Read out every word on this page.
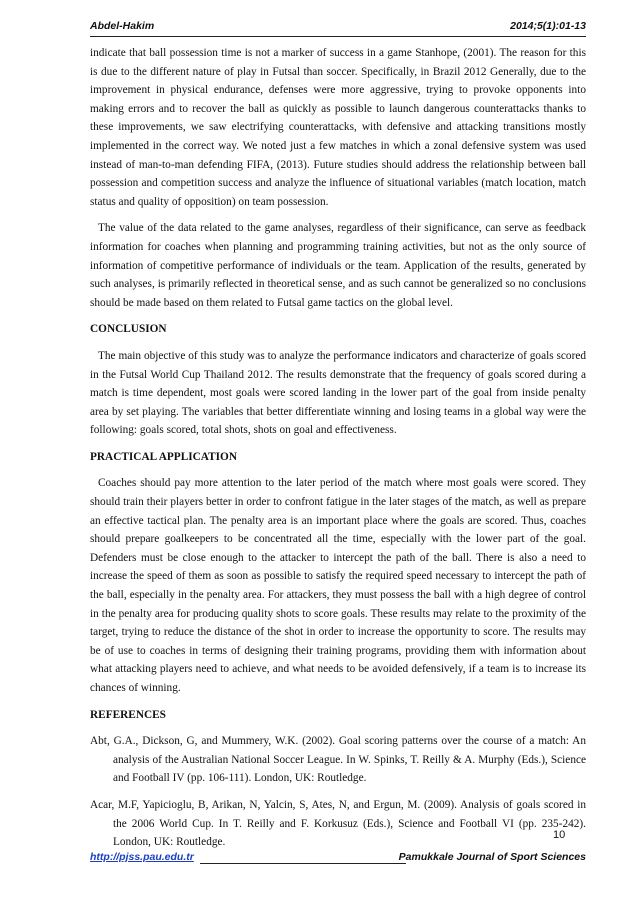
Abdel-Hakim	2014;5(1):01-13

indicate that ball possession time is not a marker of success in a game Stanhope, (2001). The reason for this is due to the different nature of play in Futsal than soccer. Specifically, in Brazil 2012 Generally, due to the improvement in physical endurance, defenses were more aggressive, trying to provoke opponents into making errors and to recover the ball as quickly as possible to launch dangerous counterattacks thanks to these improvements, we saw electrifying counterattacks, with defensive and attacking transitions mostly implemented in the correct way. We noted just a few matches in which a zonal defensive system was used instead of man-to-man defending FIFA, (2013). Future studies should address the relationship between ball possession and competition success and analyze the influence of situational variables (match location, match status and quality of opposition) on team possession.

The value of the data related to the game analyses, regardless of their significance, can serve as feedback information for coaches when planning and programming training activities, but not as the only source of information of competitive performance of individuals or the team. Application of the results, generated by such analyses, is primarily reflected in theoretical sense, and as such cannot be generalized so no conclusions should be made based on them related to Futsal game tactics on the global level.

CONCLUSION

The main objective of this study was to analyze the performance indicators and characterize of goals scored in the Futsal World Cup Thailand 2012. The results demonstrate that the frequency of goals scored during a match is time dependent, most goals were scored landing in the lower part of the goal from inside penalty area by set playing. The variables that better differentiate winning and losing teams in a global way were the following: goals scored, total shots, shots on goal and effectiveness.

PRACTICAL APPLICATION

Coaches should pay more attention to the later period of the match where most goals were scored. They should train their players better in order to confront fatigue in the later stages of the match, as well as prepare an effective tactical plan. The penalty area is an important place where the goals are scored. Thus, coaches should prepare goalkeepers to be concentrated all the time, especially with the lower part of the goal. Defenders must be close enough to the attacker to intercept the path of the ball. There is also a need to increase the speed of them as soon as possible to satisfy the required speed necessary to intercept the path of the ball, especially in the penalty area. For attackers, they must possess the ball with a high degree of control in the penalty area for producing quality shots to score goals. These results may relate to the proximity of the target, trying to reduce the distance of the shot in order to increase the opportunity to score. The results may be of use to coaches in terms of designing their training programs, providing them with information about what attacking players need to achieve, and what needs to be avoided defensively, if a team is to increase its chances of winning.

REFERENCES

Abt, G.A., Dickson, G, and Mummery, W.K. (2002). Goal scoring patterns over the course of a match: An analysis of the Australian National Soccer League. In W. Spinks, T. Reilly & A. Murphy (Eds.), Science and Football IV (pp. 106-111). London, UK: Routledge.

Acar, M.F, Yapicioglu, B, Arikan, N, Yalcin, S, Ates, N, and Ergun, M. (2009). Analysis of goals scored in the 2006 World Cup. In T. Reilly and F. Korkusuz (Eds.), Science and Football VI (pp. 235-242). London, UK: Routledge.

10
http://pjss.pau.edu.tr	Pamukkale Journal of Sport Sciences
